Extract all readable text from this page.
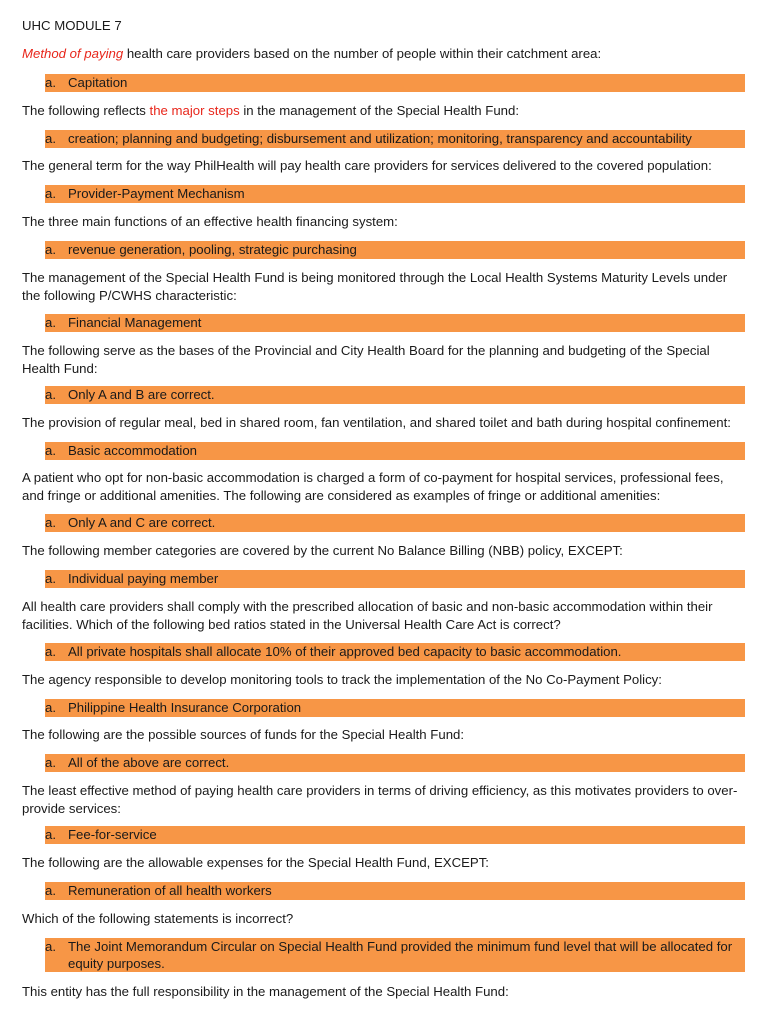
UHC MODULE 7
Method of paying health care providers based on the number of people within their catchment area:
a. Capitation
The following reflects the major steps in the management of the Special Health Fund:
a. creation; planning and budgeting; disbursement and utilization; monitoring, transparency and accountability
The general term for the way PhilHealth will pay health care providers for services delivered to the covered population:
a. Provider-Payment Mechanism
The three main functions of an effective health financing system:
a. revenue generation, pooling, strategic purchasing
The management of the Special Health Fund is being monitored through the Local Health Systems Maturity Levels under the following P/CWHS characteristic:
a. Financial Management
The following serve as the bases of the Provincial and City Health Board for the planning and budgeting of the Special Health Fund:
a. Only A and B are correct.
The provision of regular meal, bed in shared room, fan ventilation, and shared toilet and bath during hospital confinement:
a. Basic accommodation
A patient who opt for non-basic accommodation is charged a form of co-payment for hospital services, professional fees, and fringe or additional amenities. The following are considered as examples of fringe or additional amenities:
a. Only A and C are correct.
The following member categories are covered by the current No Balance Billing (NBB) policy, EXCEPT:
a. Individual paying member
All health care providers shall comply with the prescribed allocation of basic and non-basic accommodation within their facilities. Which of the following bed ratios stated in the Universal Health Care Act is correct?
a. All private hospitals shall allocate 10% of their approved bed capacity to basic accommodation.
The agency responsible to develop monitoring tools to track the implementation of the No Co-Payment Policy:
a. Philippine Health Insurance Corporation
The following are the possible sources of funds for the Special Health Fund:
a. All of the above are correct.
The least effective method of paying health care providers in terms of driving efficiency, as this motivates providers to over-provide services:
a. Fee-for-service
The following are the allowable expenses for the Special Health Fund, EXCEPT:
a. Remuneration of all health workers
Which of the following statements is incorrect?
a. The Joint Memorandum Circular on Special Health Fund provided the minimum fund level that will be allocated for equity purposes.
This entity has the full responsibility in the management of the Special Health Fund:
